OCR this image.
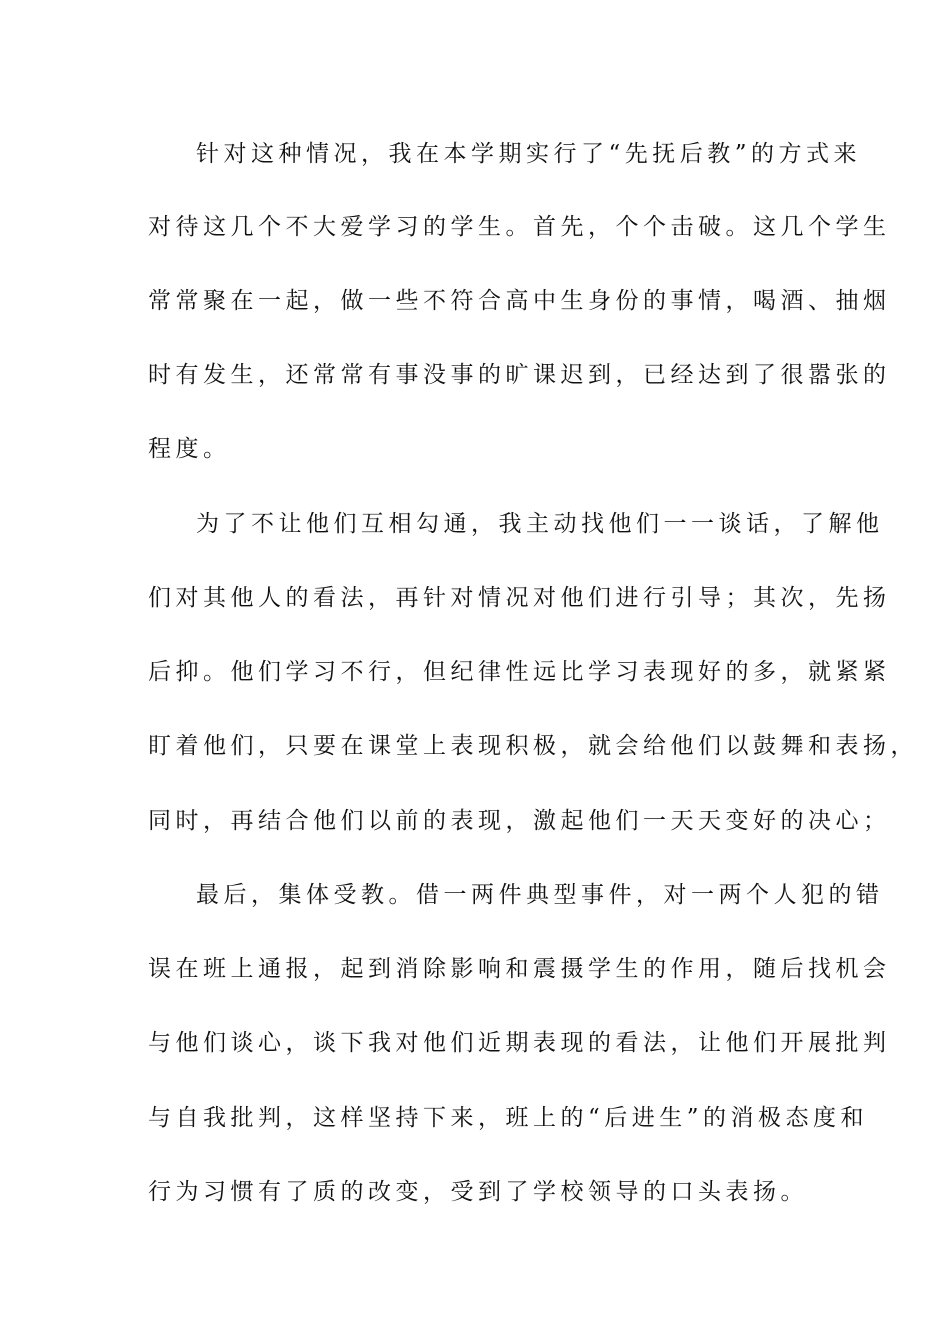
针对这种情况，我在本学期实行了“先抚后教”的方式来
对待这几个不大爱学习的学生。首先，个个击破。这几个学生
常常聚在一起，做一些不符合高中生身份的事情，喝酒、抽烟
时有发生，还常常有事没事的旷课迟到，已经达到了很嚣张的
程度。
为了不让他们互相勾通，我主动找他们一一谈话，了解他
们对其他人的看法，再针对情况对他们进行引导；其次，先扬
后抑。他们学习不行，但纪律性远比学习表现好的多，就紧紧
盯着他们，只要在课堂上表现积极，就会给他们以鼓舞和表扬，
同时，再结合他们以前的表现，激起他们一天天变好的决心；
最后，集体受教。借一两件典型事件，对一两个人犯的错
误在班上通报，起到消除影响和震摄学生的作用，随后找机会
与他们谈心，谈下我对他们近期表现的看法，让他们开展批判
与自我批判，这样坚持下来，班上的“后进生”的消极态度和
行为习惯有了质的改变，受到了学校领导的口头表扬。
